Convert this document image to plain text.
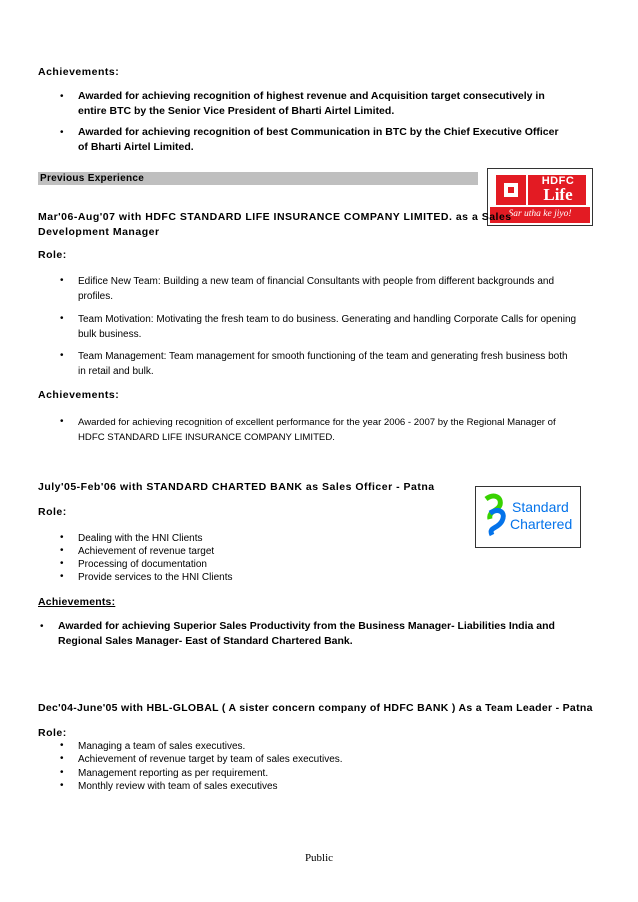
Achievements:
• Awarded for achieving recognition of highest revenue and Acquisition target consecutively in
entire BTC by the Senior Vice President of Bharti Airtel Limited.
• Awarded for achieving recognition of best Communication in BTC by the Chief Executive Officer
of Bharti Airtel Limited.
Previous Experience	HDFC
Life
Sar utha ke jiyo!
Mar'06-Aug'07 with HDFC STANDARD LIFE INSURANCE COMPANY LIMITED. as a Sales
Development Manager
Role:
• Edifice New Team: Building a new team of financial Consultants with people from different backgrounds and
profiles.
• Team Motivation: Motivating the fresh team to do business. Generating and handling Corporate Calls for opening
bulk business.
• Team Management: Team management for smooth functioning of the team and generating fresh business both
in retail and bulk.
Achievements:
• Awarded for achieving recognition of excellent performance for the year 2006 - 2007 by the Regional Manager of
HDFC STANDARD LIFE INSURANCE COMPANY LIMITED.
Standard
Chartered
July'05-Feb'06 with STANDARD CHARTED BANK as Sales Officer - Patna
Role:
• Dealing with the HNI Clients
• Achievement of revenue target
• Processing of documentation
• Provide services to the HNI Clients
Achievements:
• Awarded for achieving Superior Sales Productivity from the Business Manager- Liabilities India and
Regional Sales Manager- East of Standard Chartered Bank.
Dec'04-June'05 with HBL-GLOBAL ( A sister concern company of HDFC BANK ) As a Team Leader - Patna
Role:
• Managing a team of sales executives.
• Achievement of revenue target by team of sales executives.
• Management reporting as per requirement.
• Monthly review with team of sales executives
Public
